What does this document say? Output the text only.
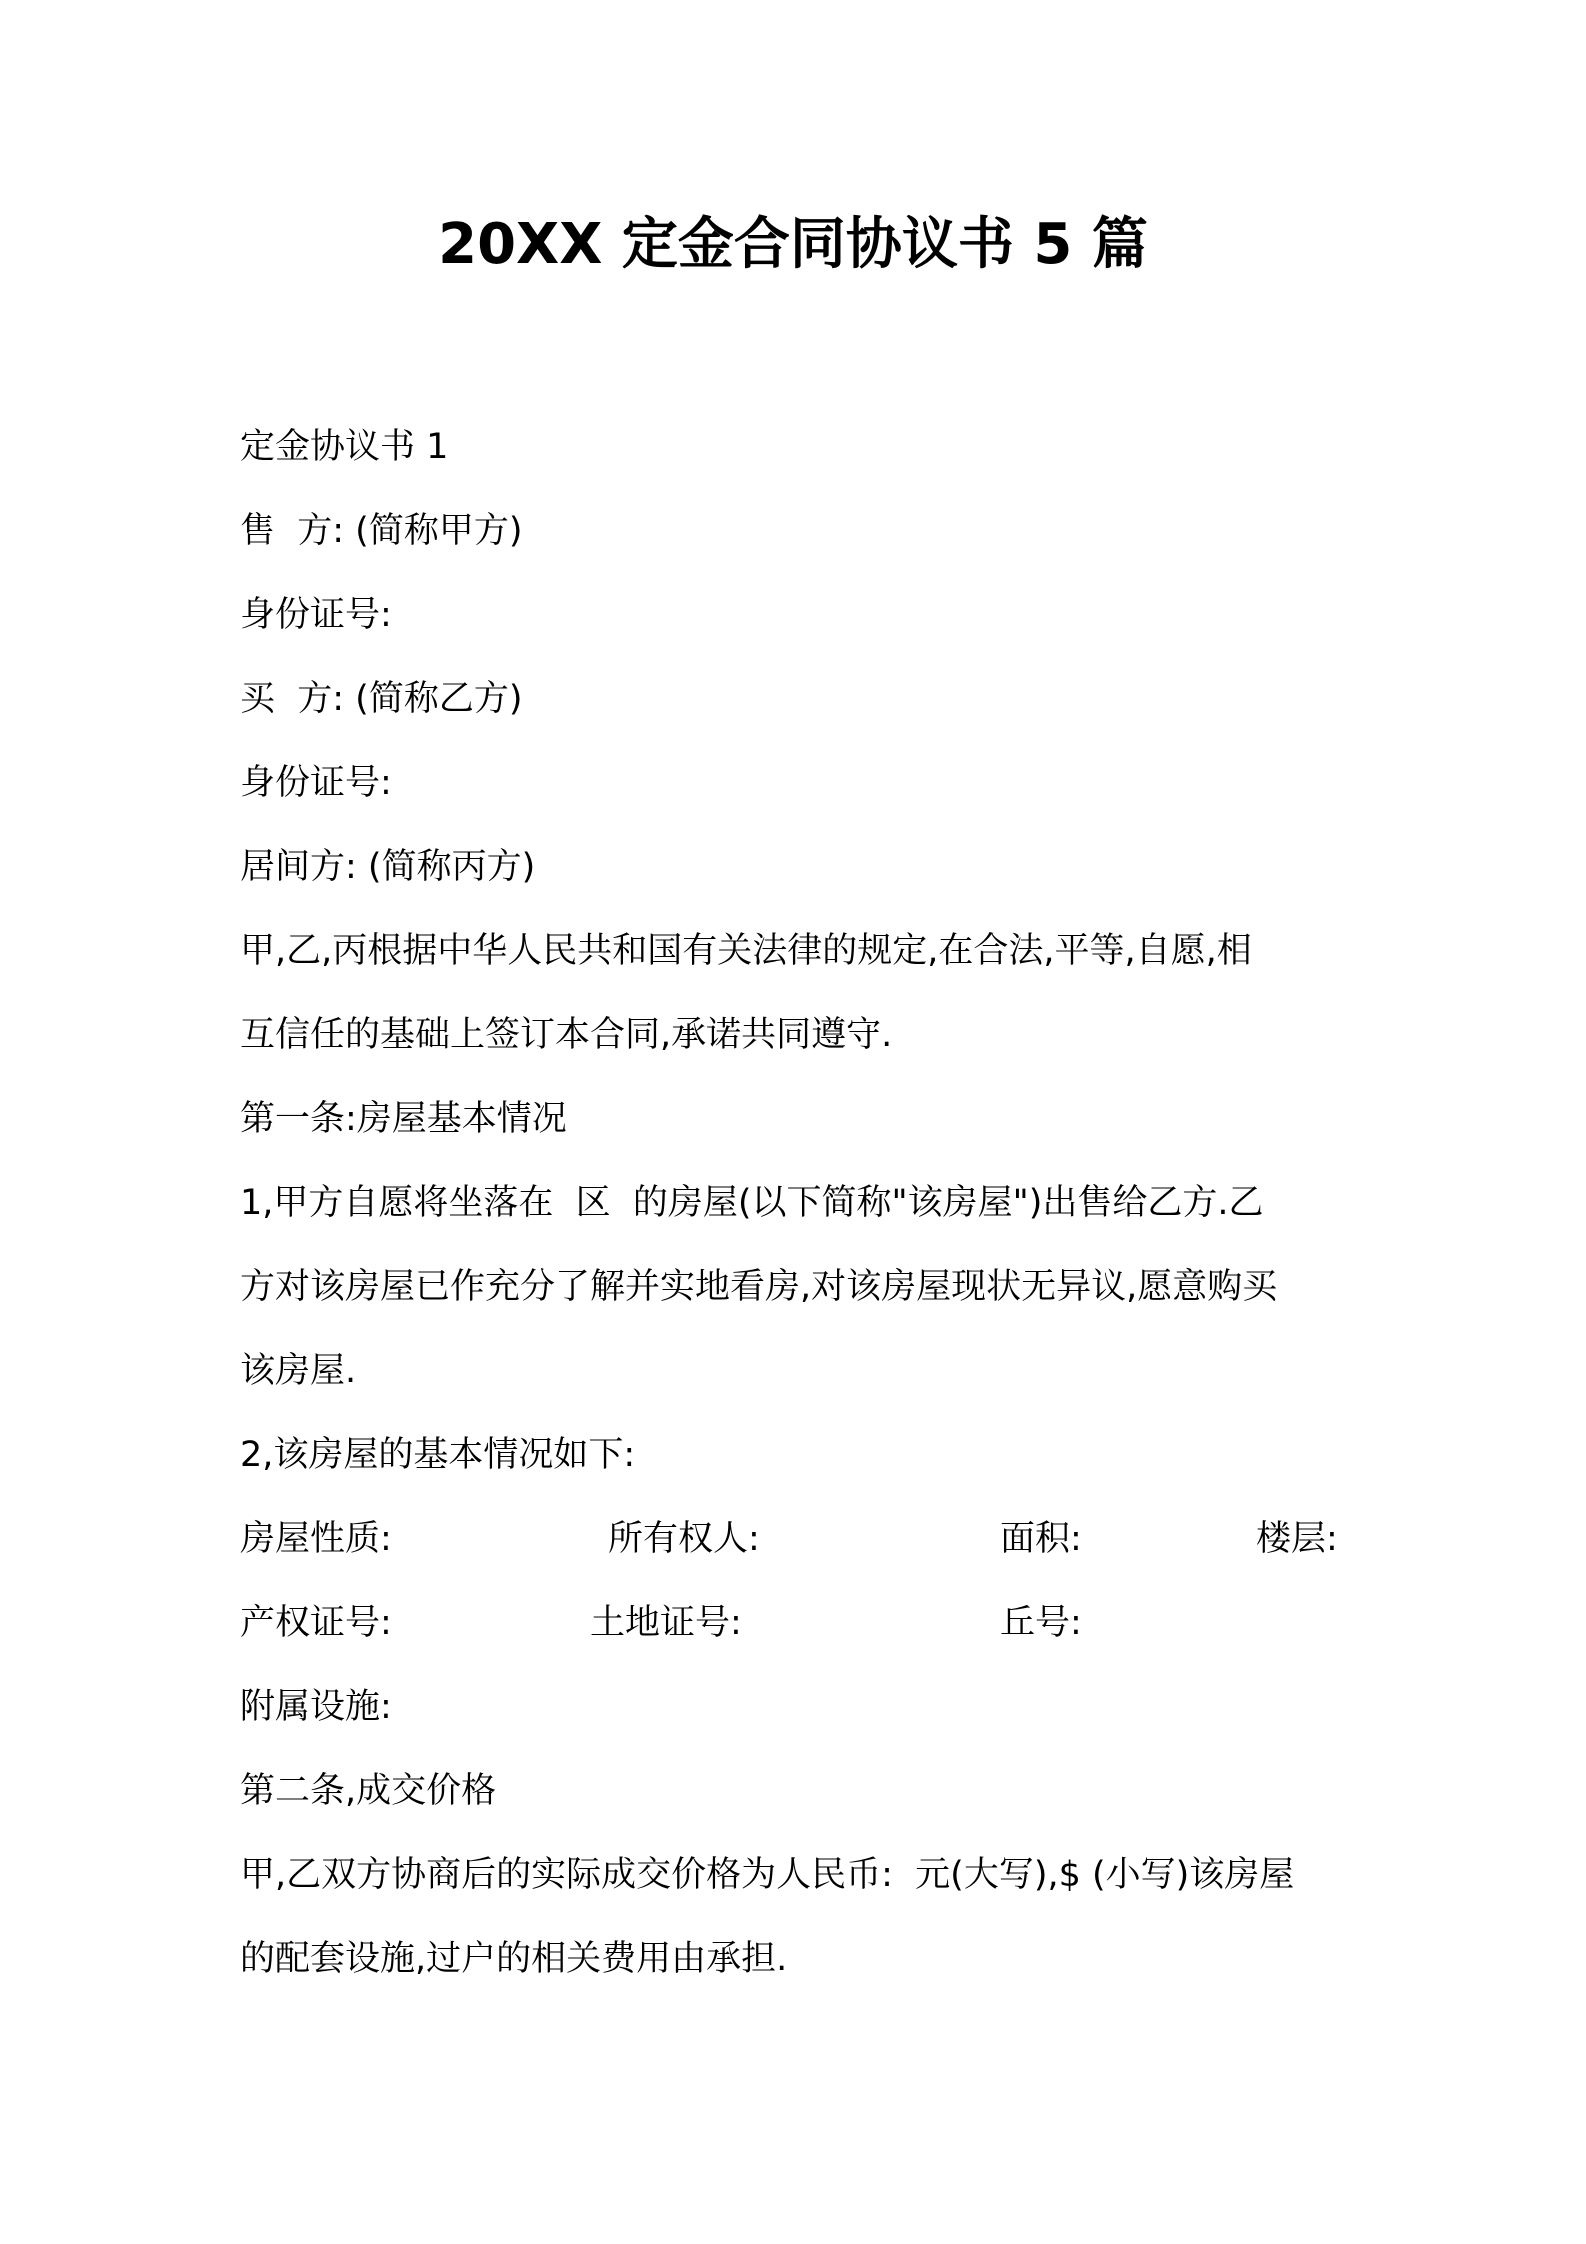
20XX 定金合同协议书 5 篇
定金协议书 1
售  方: (简称甲方)
身份证号:
买  方: (简称乙方)
身份证号:
居间方: (简称丙方)
甲,乙,丙根据中华人民共和国有关法律的规定,在合法,平等,自愿,相
互信任的基础上签订本合同,承诺共同遵守.
第一条:房屋基本情况
1,甲方自愿将坐落在  区  的房屋(以下简称"该房屋")出售给乙方.乙
方对该房屋已作充分了解并实地看房,对该房屋现状无异议,愿意购买
该房屋.
2,该房屋的基本情况如下:
房屋性质:	所有权人:	面积:	楼层:
产权证号:	土地证号:	丘号:
附属设施:
第二条,成交价格
甲,乙双方协商后的实际成交价格为人民币:  元(大写),$ (小写)该房屋
的配套设施,过户的相关费用由承担.
